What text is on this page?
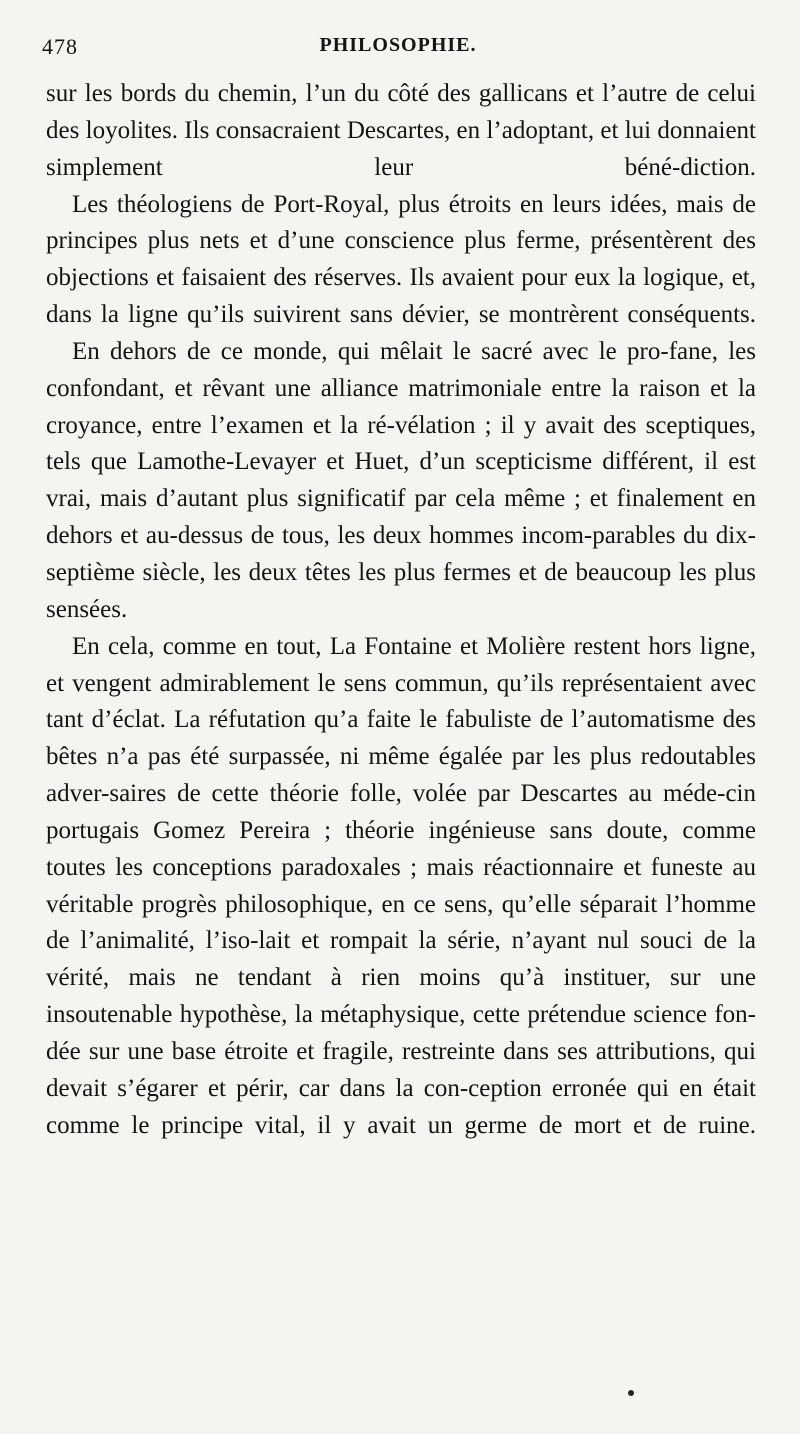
478	PHILOSOPHIE.

sur les bords du chemin, l’un du côté des gallicans et l’autre de celui des loyolites. Ils consacraient Descartes, en l’adoptant, et lui donnaient simplement leur béné-diction.

Les théologiens de Port-Royal, plus étroits en leurs idées, mais de principes plus nets et d’une conscience plus ferme, présentèrent des objections et faisaient des réserves. Ils avaient pour eux la logique, et, dans la ligne qu’ils suivirent sans dévier, se montrèrent conséquents.

En dehors de ce monde, qui mêlait le sacré avec le pro-fane, les confondant, et rêvant une alliance matrimoniale entre la raison et la croyance, entre l’examen et la ré-vélation ; il y avait des sceptiques, tels que Lamothe-Levayer et Huet, d’un scepticisme différent, il est vrai, mais d’autant plus significatif par cela même ; et finalement en dehors et au-dessus de tous, les deux hommes incom-parables du dix-septième siècle, les deux têtes les plus fermes et de beaucoup les plus sensées.

En cela, comme en tout, La Fontaine et Molière restent hors ligne, et vengent admirablement le sens commun, qu’ils représentaient avec tant d’éclat. La réfutation qu’a faite le fabuliste de l’automatisme des bêtes n’a pas été surpassée, ni même égalée par les plus redoutables adver-saires de cette théorie folle, volée par Descartes au méde-cin portugais Gomez Pereira ; théorie ingénieuse sans doute, comme toutes les conceptions paradoxales ; mais réactionnaire et funeste au véritable progrès philosophique, en ce sens, qu’elle séparait l’homme de l’animalité, l’iso-lait et rompait la série, n’ayant nul souci de la vérité, mais ne tendant à rien moins qu’à instituer, sur une insoutenable hypothèse, la métaphysique, cette prétendue science fon-dée sur une base étroite et fragile, restreinte dans ses attributions, qui devait s’égarer et périr, car dans la con-ception erronée qui en était comme le principe vital, il y avait un germe de mort et de ruine.
